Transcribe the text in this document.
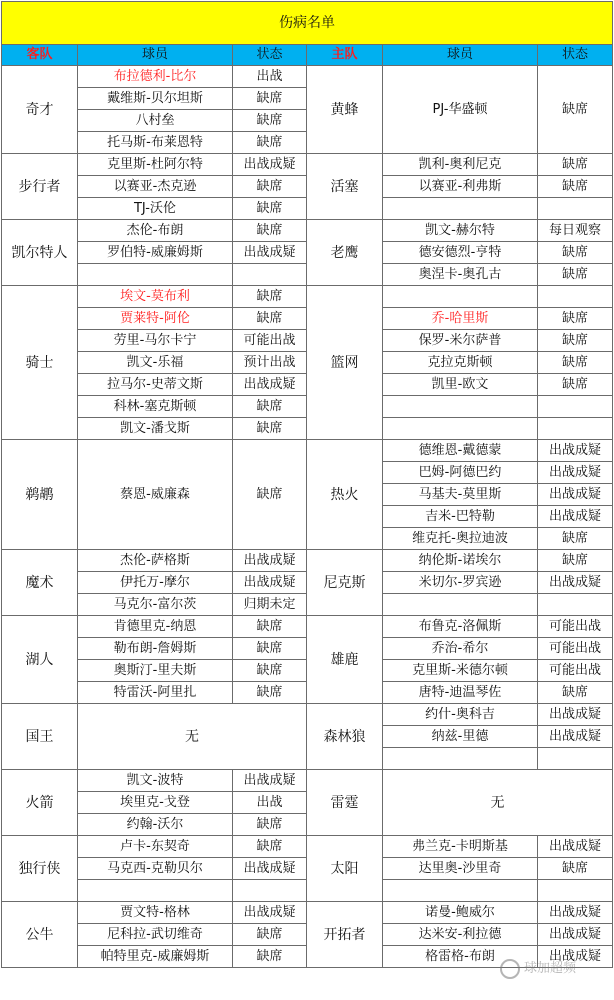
伤病名单					
客队	球员	状态	主队	球员	状态
奇才	布拉德利-比尔	出战	黄蜂	PJ-华盛顿	缺席
	戴维斯-贝尔坦斯	缺席			
	八村垒	缺席			
	托马斯-布莱恩特	缺席			
步行者	克里斯-杜阿尔特	出战成疑	活塞	凯利-奥利尼克	缺席
	以赛亚-杰克逊	缺席		以赛亚-利弗斯	缺席
	TJ-沃伦	缺席			
凯尔特人	杰伦-布朗	缺席	老鹰	凯文-赫尔特	每日观察
	罗伯特-威廉姆斯	出战成疑		德安德烈-亨特	缺席
				奥涅卡-奥孔古	缺席
骑士	埃文-莫布利	缺席	篮网		
	贾莱特-阿伦	缺席		乔-哈里斯	缺席
	劳里-马尔卡宁	可能出战		保罗-米尔萨普	缺席
	凯文-乐福	预计出战		克拉克斯顿	缺席
	拉马尔-史蒂文斯	出战成疑		凯里-欧文	缺席
	科林-塞克斯顿	缺席			
	凯文-潘戈斯	缺席			
鹈鹕	蔡恩-威廉森	缺席	热火	德维恩-戴德蒙	出战成疑
				巴姆-阿德巴约	出战成疑
				马基夫-莫里斯	出战成疑
				吉米-巴特勒	出战成疑
				维克托-奥拉迪波	缺席
魔术	杰伦-萨格斯	出战成疑	尼克斯	纳伦斯-诺埃尔	缺席
	伊托万-摩尔	出战成疑		米切尔-罗宾逊	出战成疑
	马克尔-富尔茨	归期未定			
湖人	肯德里克-纳恩	缺席	雄鹿	布鲁克-洛佩斯	可能出战
	勒布朗-詹姆斯	缺席		乔治-希尔	可能出战
	奥斯汀-里夫斯	缺席		克里斯-米德尔顿	可能出战
	特雷沃-阿里扎	缺席		唐特-迪温琴佐	缺席
国王	无		森林狼	约什-奥科吉	出战成疑
				纳兹-里德	出战成疑

火箭	凯文-波特	出战成疑	雷霆	无	
	埃里克-戈登	出战			
	约翰-沃尔	缺席			
独行侠	卢卡-东契奇	缺席	太阳	弗兰克-卡明斯基	出战成疑
	马克西-克勒贝尔	出战成疑		达里奥-沙里奇	缺席

公牛	贾文特-格林	出战成疑	开拓者	诺曼-鲍威尔	出战成疑
	尼科拉-武切维奇	缺席		达米安-利拉德	出战成疑
	帕特里克-威廉姆斯	缺席		格雷格-布朗	出战成疑
球加超频
